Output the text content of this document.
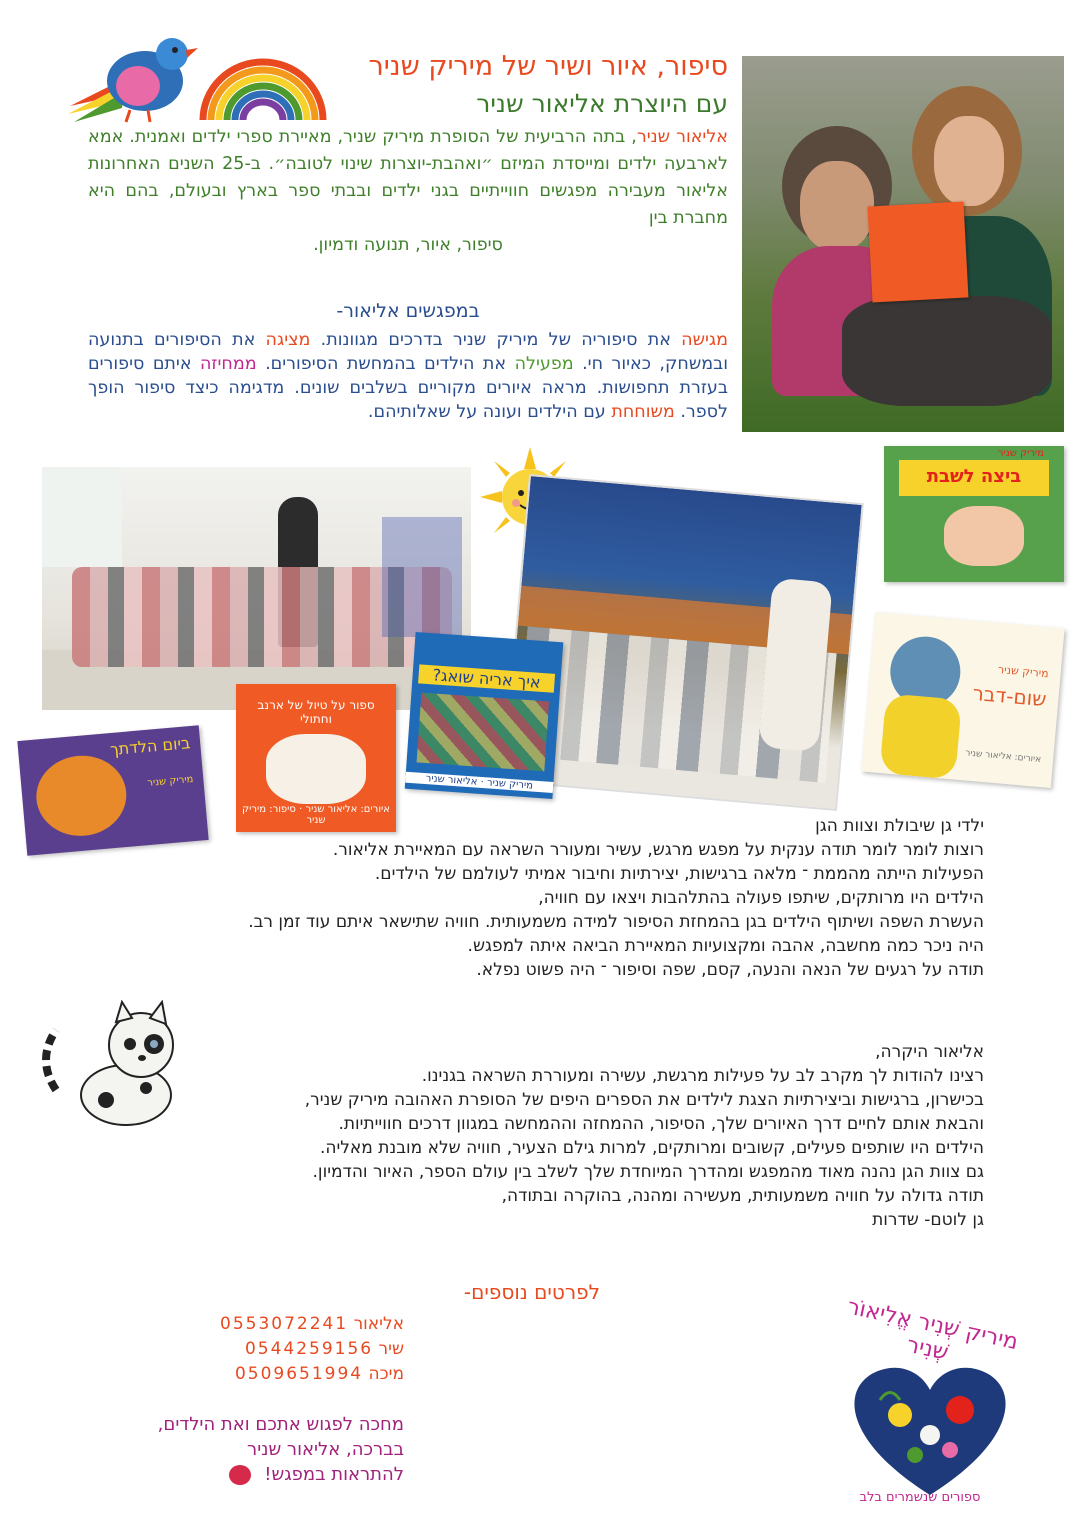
סיפור, איור ושיר של מיריק שניר
עם היוצרת אליאור שניר
אליאור שניר, בתה הרביעית של הסופרת מיריק שניר, מאיירת ספרי ילדים ואמנית. אמא לארבעה ילדים ומייסדת המיזם ״ואהבת-יוצרות שינוי לטובה״. ב-25 השנים האחרונות אליאור מעבירה מפגשים חווייתיים בגני ילדים ובבתי ספר בארץ ובעולם, בהם היא מחברת בין
סיפור, איור, תנועה ודמיון.
במפגשים אליאור-
מגישה את סיפוריה של מיריק שניר בדרכים מגוונות. מציגה את הסיפורים בתנועה ובמשחק, כאיור חי. מפעילה את הילדים בהמחשת הסיפורים. ממחיזה איתם סיפורים בעזרת תחפושות. מראה איורים מקוריים בשלבים שונים. מדגימה כיצד סיפור הופך לספר. משוחחת עם הילדים ועונה על שאלותיהם.
ביצה לשבת
מיריק שניר
מיריק שניר
שום-דבר
איורים: אליאור שניר
ביום הלדתך
מיריק שניר
ספור על טיול של ארנב וחתולי
איורים: אליאור שניר · סיפור: מיריק שניר
איך אריה שואג?
מיריק שניר · אליאור שניר
ילדי גן שיבולת וצוות הגן
רוצות לומר לומר תודה ענקית על מפגש מרגש, עשיר ומעורר השראה עם המאיירת אליאור.
הפעילות הייתה מהממת ־ מלאה ברגישות, יצירתיות וחיבור אמיתי לעולמם של הילדים.
הילדים היו מרותקים, שיתפו פעולה בהתלהבות ויצאו עם חוויה,
העשרת השפה ושיתוף הילדים בגן בהמחזת הסיפור למידה משמעותית. חוויה שתישאר איתם עוד זמן רב.
היה ניכר כמה מחשבה, אהבה ומקצועיות המאיירת הביאה איתה למפגש.
תודה על רגעים של הנאה והנעה, קסם, שפה וסיפור ־ היה פשוט נפלא.
אליאור היקרה,
רצינו להודות לך מקרב לב על פעילות מרגשת, עשירה ומעוררת השראה בגנינו.
בכישרון, ברגישות וביצירתיות הצגת לילדים את הספרים היפים של הסופרת האהובה מיריק שניר,
והבאת אותם לחיים דרך האיורים שלך, הסיפור, ההמחזה וההמחשה במגוון דרכים חווייתיות.
הילדים היו שותפים פעילים, קשובים ומרותקים, למרות גילם הצעיר, חוויה שלא מובנת מאליה.
גם צוות הגן נהנה מאוד מהמפגש ומהדרך המיוחדת שלך לשלב בין עולם הספר, האיור והדמיון.
תודה גדולה על חוויה משמעותית, מעשירה ומהנה, בהוקרה ובתודה,
גן לוטם- שדרות
לפרטים נוספים-
אליאור 0553072241
שיר 0544259156
מיכה 0509651994
מחכה לפגוש אתכם ואת הילדים,
בברכה, אליאור שניר
להתראות במפגש!
מיריק שְׁנִיר אֱלִיאוֹר שְׁנִיר
ספורים שנשמרים בלב
